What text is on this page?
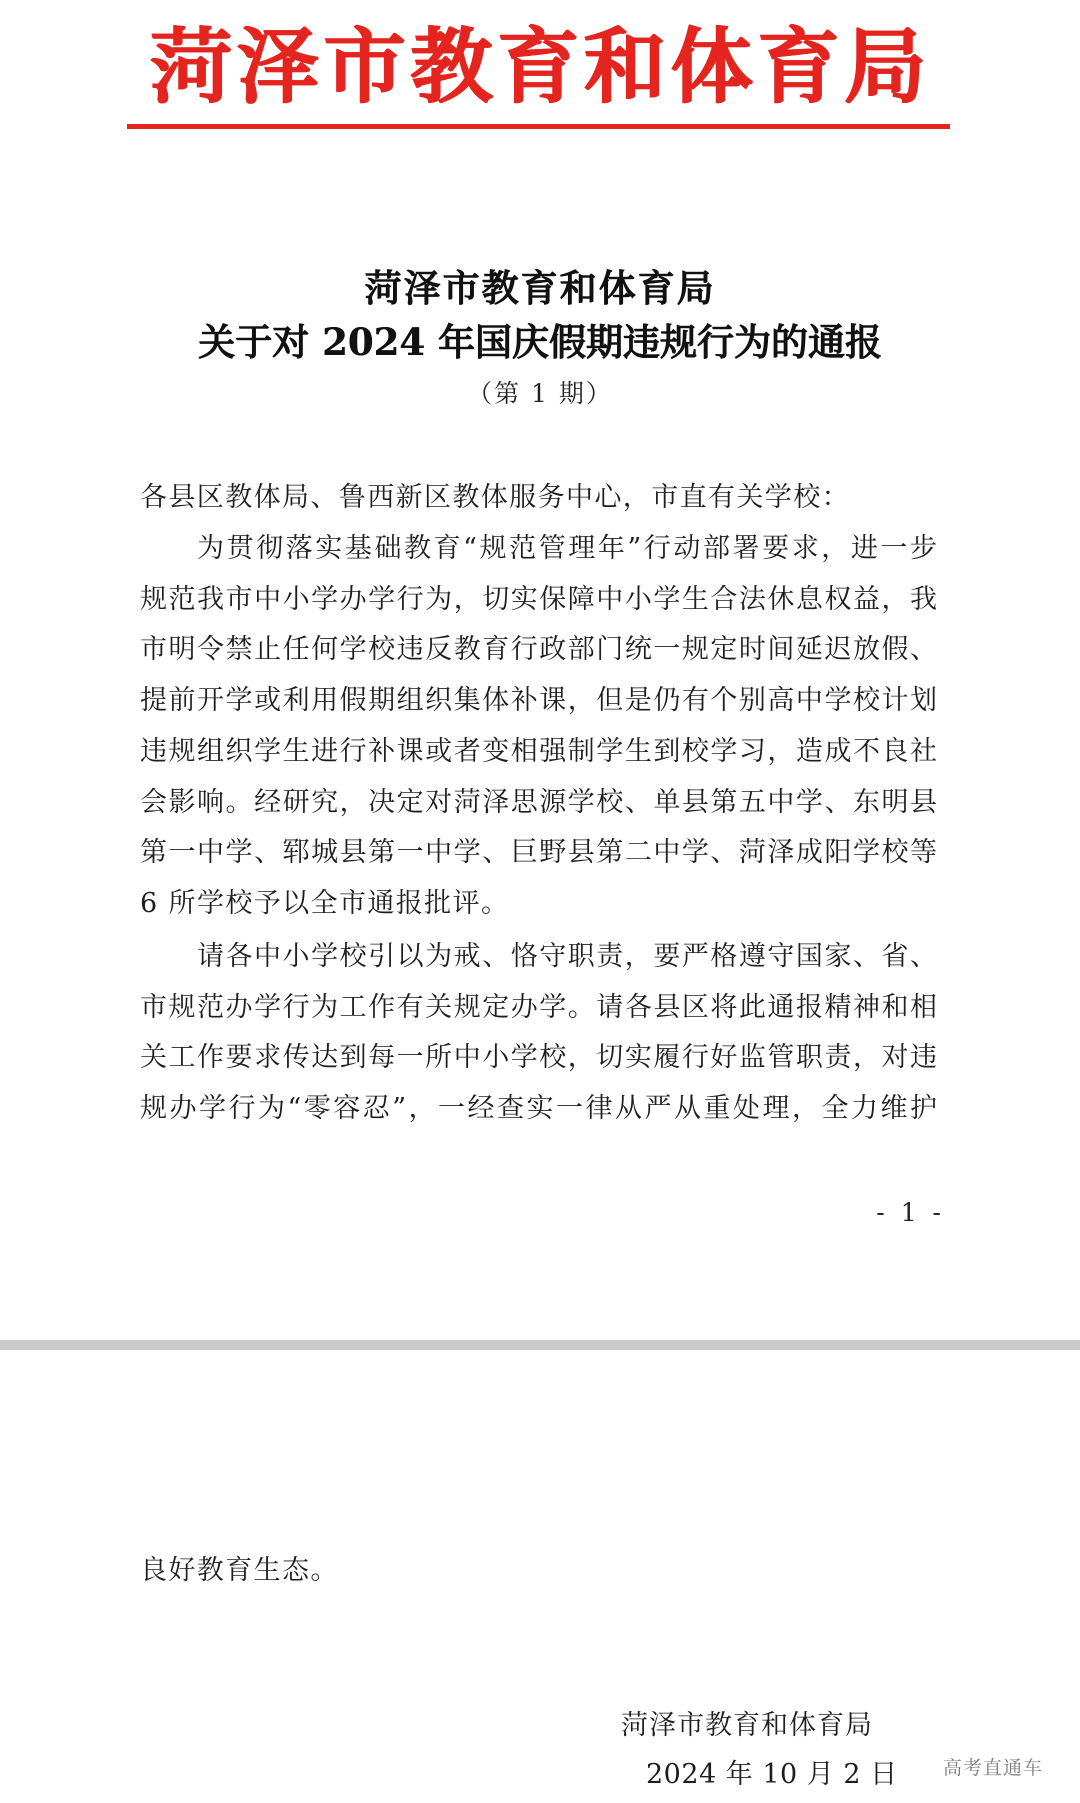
菏泽市教育和体育局
菏泽市教育和体育局
关于对 2024 年国庆假期违规行为的通报
（第 1 期）
各县区教体局、鲁西新区教体服务中心，市直有关学校：
为贯彻落实基础教育“规范管理年”行动部署要求，进一步
规范我市中小学办学行为，切实保障中小学生合法休息权益，我
市明令禁止任何学校违反教育行政部门统一规定时间延迟放假、
提前开学或利用假期组织集体补课，但是仍有个别高中学校计划
违规组织学生进行补课或者变相强制学生到校学习，造成不良社
会影响。经研究，决定对菏泽思源学校、单县第五中学、东明县
第一中学、郓城县第一中学、巨野县第二中学、菏泽成阳学校等
6 所学校予以全市通报批评。
请各中小学校引以为戒、恪守职责，要严格遵守国家、省、
市规范办学行为工作有关规定办学。请各县区将此通报精神和相
关工作要求传达到每一所中小学校，切实履行好监管职责，对违
规办学行为“零容忍”，一经查实一律从严从重处理，全力维护
- 1 -
良好教育生态。
菏泽市教育和体育局
2024 年 10 月 2 日 高考直通车
